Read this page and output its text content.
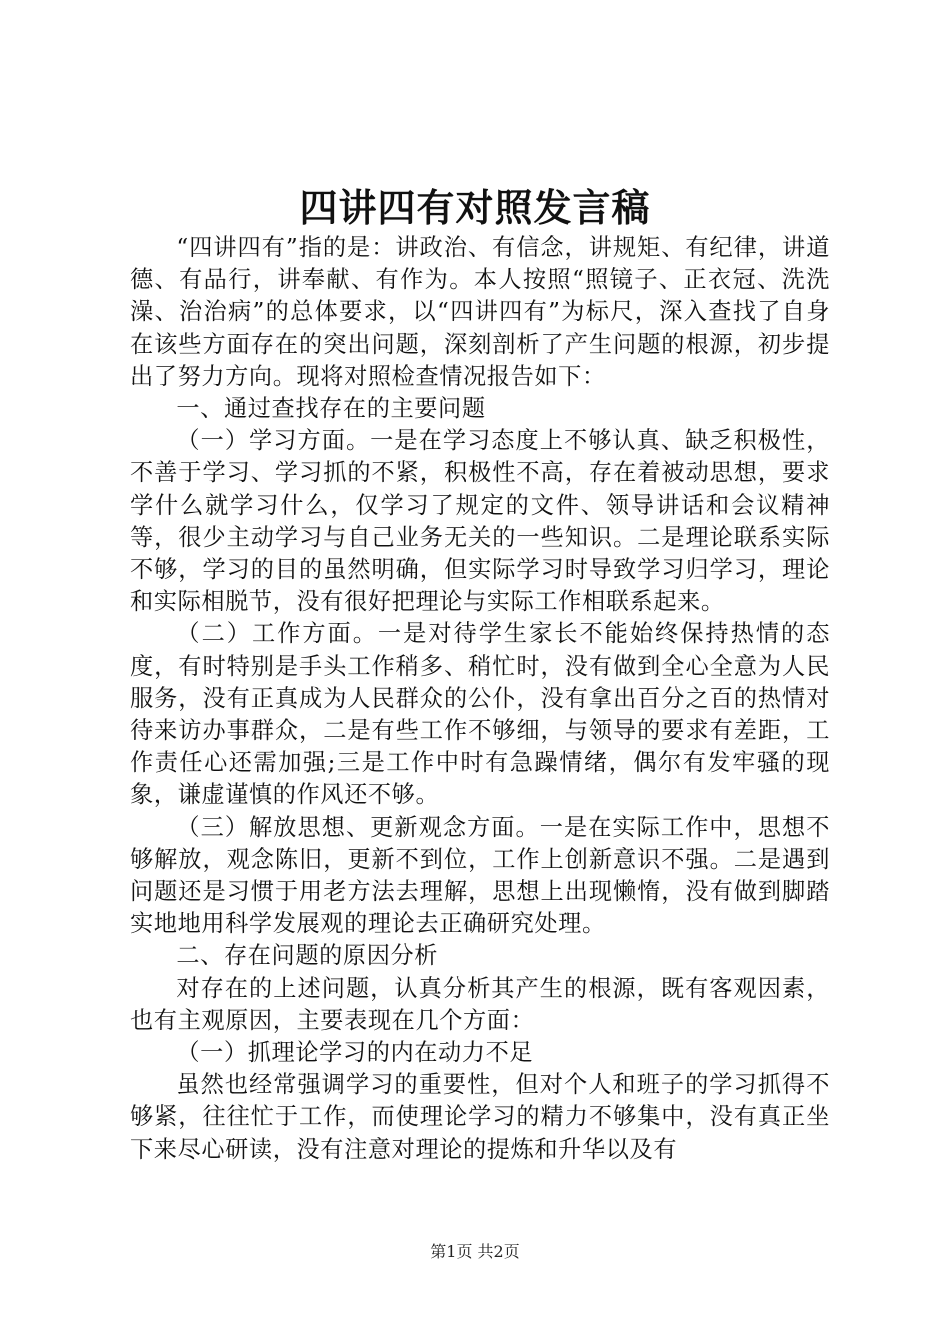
四讲四有对照发言稿

“四讲四有”指的是：讲政治、有信念，讲规矩、有纪律，讲道德、有品行，讲奉献、有作为。本人按照“照镜子、正衣冠、洗洗澡、治治病”的总体要求，以“四讲四有”为标尺，深入查找了自身在该些方面存在的突出问题，深刻剖析了产生问题的根源，初步提出了努力方向。现将对照检查情况报告如下：

一、通过查找存在的主要问题

（一）学习方面。一是在学习态度上不够认真、缺乏积极性，不善于学习、学习抓的不紧，积极性不高，存在着被动思想，要求学什么就学习什么，仅学习了规定的文件、领导讲话和会议精神等，很少主动学习与自己业务无关的一些知识。二是理论联系实际不够，学习的目的虽然明确，但实际学习时导致学习归学习，理论和实际相脱节，没有很好把理论与实际工作相联系起来。

（二）工作方面。一是对待学生家长不能始终保持热情的态度，有时特别是手头工作稍多、稍忙时，没有做到全心全意为人民服务，没有正真成为人民群众的公仆，没有拿出百分之百的热情对待来访办事群众，二是有些工作不够细，与领导的要求有差距，工作责任心还需加强;三是工作中时有急躁情绪，偶尔有发牢骚的现象，谦虚谨慎的作风还不够。

（三）解放思想、更新观念方面。一是在实际工作中，思想不够解放，观念陈旧，更新不到位，工作上创新意识不强。二是遇到问题还是习惯于用老方法去理解，思想上出现懒惰，没有做到脚踏实地地用科学发展观的理论去正确研究处理。

二、存在问题的原因分析

对存在的上述问题，认真分析其产生的根源，既有客观因素，也有主观原因，主要表现在几个方面：

（一）抓理论学习的内在动力不足

虽然也经常强调学习的重要性，但对个人和班子的学习抓得不够紧，往往忙于工作，而使理论学习的精力不够集中，没有真正坐下来尽心研读，没有注意对理论的提炼和升华以及有

第1页 共2页
